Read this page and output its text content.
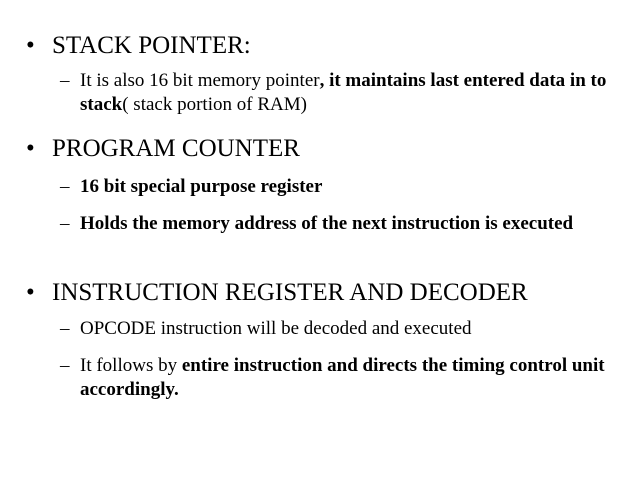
• STACK POINTER:
– It is also 16 bit memory pointer, it maintains last entered data in to stack( stack portion of RAM)
• PROGRAM COUNTER
– 16 bit special purpose register
– Holds the memory address of the next instruction is executed
• INSTRUCTION REGISTER AND DECODER
– OPCODE instruction will be decoded and executed
– It follows by entire instruction and directs the timing control unit accordingly.
